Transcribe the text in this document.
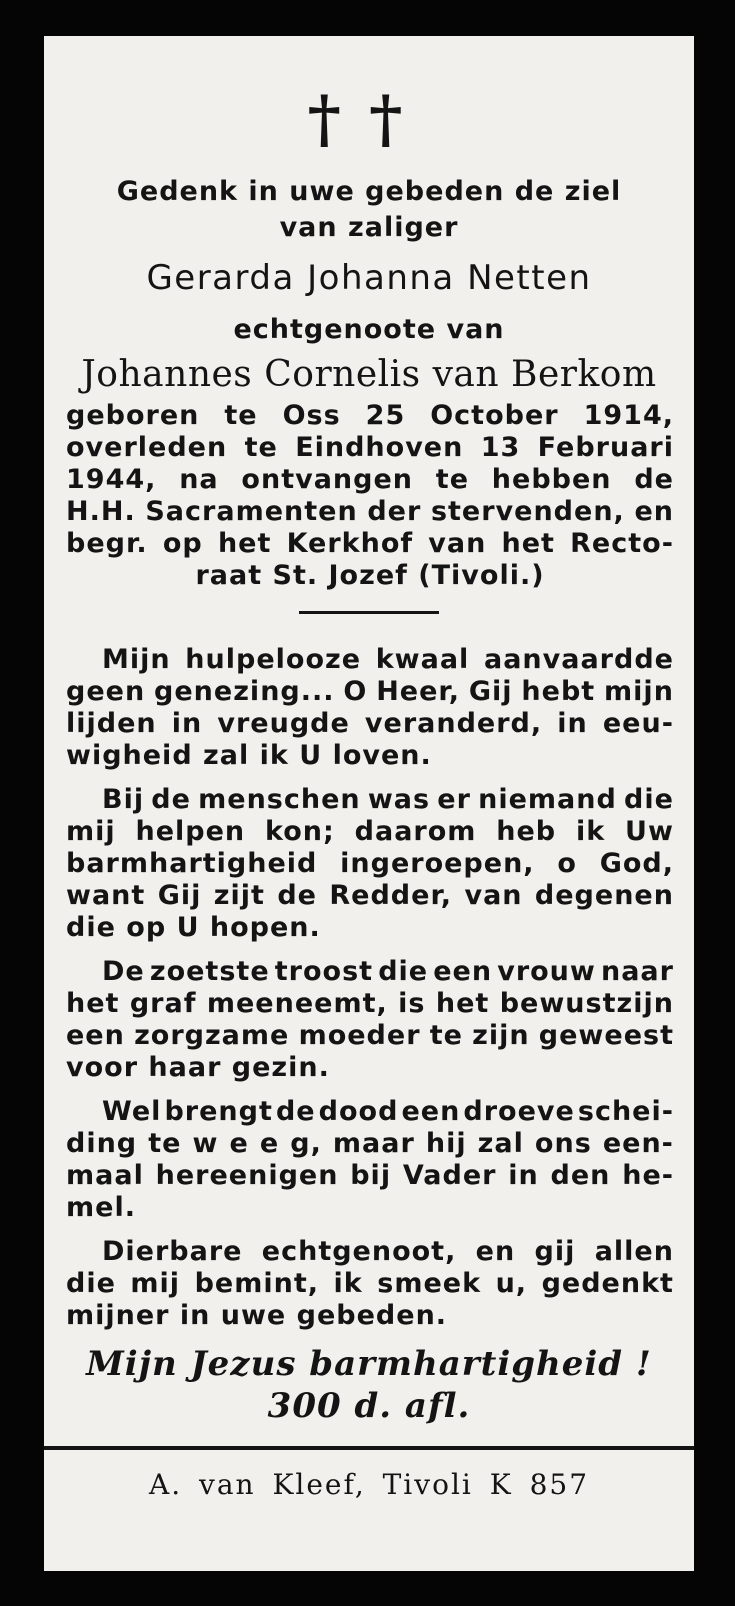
††
Gedenk in uwe gebeden de ziel
van zaliger
Gerarda Johanna Netten
echtgenoote van
Johannes Cornelis van Berkom
geboren te Oss 25 October 1914,
overleden te Eindhoven 13 Februari
1944, na ontvangen te hebben de
H.H. Sacramenten der stervenden, en
begr. op het Kerkhof van het Recto-
raat St. Jozef (Tivoli.)
Mijn hulpelooze kwaal aanvaardde
geen genezing... O Heer, Gij hebt mijn
lijden in vreugde veranderd, in eeu-
wigheid zal ik U loven.
Bij de menschen was er niemand die
mij helpen kon; daarom heb ik Uw
barmhartigheid ingeroepen, o God,
want Gij zijt de Redder, van degenen
die op U hopen.
De zoetste troost die een vrouw naar
het graf meeneemt, is het bewustzijn
een zorgzame moeder te zijn geweest
voor haar gezin.
Wel brengt de dood een droeve schei-
ding te w e e g, maar hij zal ons een-
maal hereenigen bij Vader in den he-
mel.
Dierbare echtgenoot, en gij allen
die mij bemint, ik smeek u, gedenkt
mijner in uwe gebeden.
Mijn Jezus barmhartigheid !
300 d. afl.
A. van Kleef, Tivoli K 857
